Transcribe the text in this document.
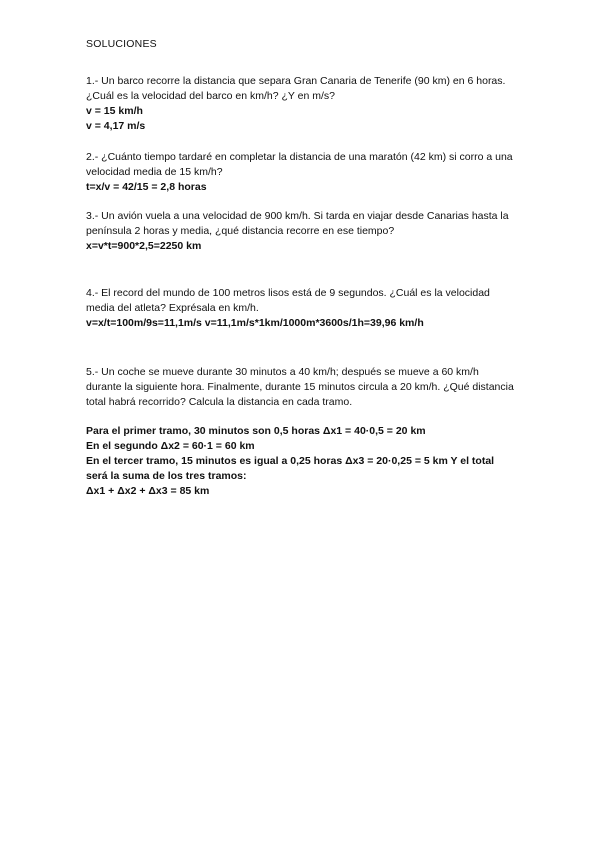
SOLUCIONES

1.- Un barco recorre la distancia que separa Gran Canaria de Tenerife (90 km) en 6 horas. ¿Cuál es la velocidad del barco en km/h? ¿Y en m/s?

v = 15 km/h

v = 4,17 m/s

2.- ¿Cuánto tiempo tardaré en completar la distancia de una maratón (42 km) si corro a una velocidad media de 15 km/h?

t=x/v = 42/15 = 2,8 horas

3.- Un avión vuela a una velocidad de 900 km/h. Si tarda en viajar desde Canarias hasta la península 2 horas y media, ¿qué distancia recorre en ese tiempo?

x=v*t=900*2,5=2250 km

4.- El record del mundo de 100 metros lisos está de 9 segundos. ¿Cuál es la velocidad media del atleta? Exprésala en km/h.

v=x/t=100m/9s=11,1m/s v=11,1m/s*1km/1000m*3600s/1h=39,96 km/h

5.- Un coche se mueve durante 30 minutos a 40 km/h; después se mueve a 60 km/h durante la siguiente hora. Finalmente, durante 15 minutos circula a 20 km/h. ¿Qué distancia total habrá recorrido? Calcula la distancia en cada tramo.

Para el primer tramo, 30 minutos son 0,5 horas Δx1 = 40·0,5 = 20 km

En el segundo Δx2 = 60·1 = 60 km

En el tercer tramo, 15 minutos es igual a 0,25 horas Δx3 = 20·0,25 = 5 km Y el total será la suma de los tres tramos:

Δx1 + Δx2 + Δx3 = 85 km
